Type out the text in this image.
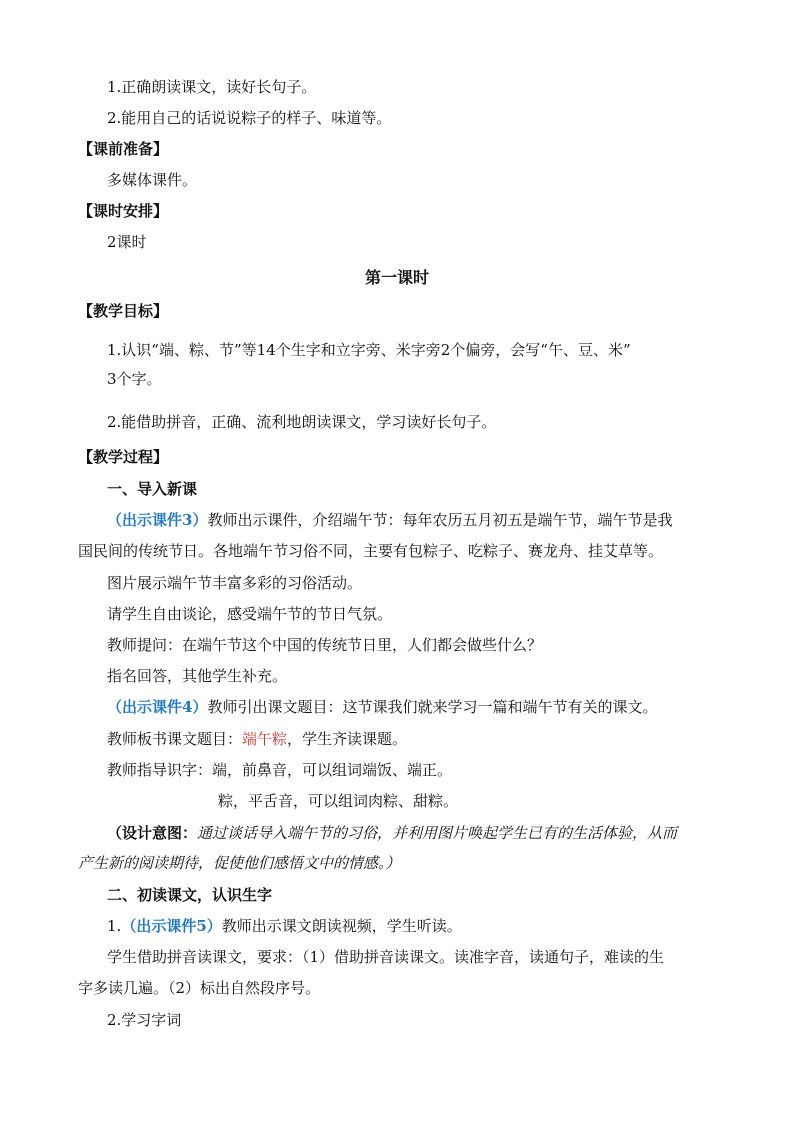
1.正确朗读课文，读好长句子。
2.能用自己的话说说粽子的样子、味道等。
【课前准备】
多媒体课件。
【课时安排】
2课时
第一课时
【教学目标】
1.认识“端、粽、节”等14个生字和立字旁、米字旁2个偏旁，会写“午、豆、米”
3个字。
2.能借助拼音，正确、流利地朗读课文，学习读好长句子。
【教学过程】
一、导入新课
（出示课件3）教师出示课件，介绍端午节：每年农历五月初五是端午节，端午节是我
国民间的传统节日。各地端午节习俗不同，主要有包粽子、吃粽子、赛龙舟、挂艾草等。
图片展示端午节丰富多彩的习俗活动。
请学生自由谈论，感受端午节的节日气氛。
教师提问：在端午节这个中国的传统节日里，人们都会做些什么？
指名回答，其他学生补充。
（出示课件4）教师引出课文题目：这节课我们就来学习一篇和端午节有关的课文。
教师板书课文题目：端午粽，学生齐读课题。
教师指导识字：端，前鼻音，可以组词端饭、端正。
粽，平舌音，可以组词肉粽、甜粽。
（设计意图：通过谈话导入端午节的习俗，并利用图片唤起学生已有的生活体验，从而
产生新的阅读期待，促使他们感悟文中的情感。）
二、初读课文，认识生字
1.（出示课件5）教师出示课文朗读视频，学生听读。
学生借助拼音读课文，要求：（1）借助拼音读课文。读准字音，读通句子，难读的生
字多读几遍。（2）标出自然段序号。
2.学习字词
